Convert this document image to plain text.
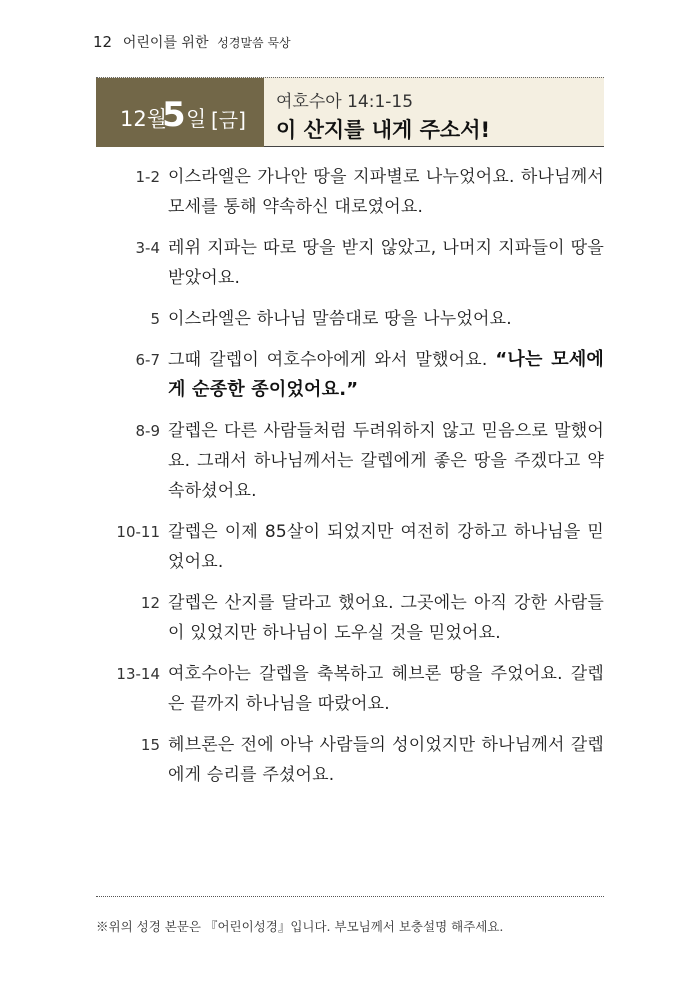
12 어린이를 위한 성경말씀 묵상
12월
5 일 [금]
여호수아 14:1-15
이 산지를 내게 주소서!
1-2 이스라엘은 가나안 땅을 지파별로 나누었어요. 하나님께서 모세를 통해 약속하신 대로였어요.
3-4 레위 지파는 따로 땅을 받지 않았고, 나머지 지파들이 땅을 받았어요.
5 이스라엘은 하나님 말씀대로 땅을 나누었어요.
6-7 그때 갈렙이 여호수아에게 와서 말했어요. “나는 모세에게 순종한 종이었어요.”
8-9 갈렙은 다른 사람들처럼 두려워하지 않고 믿음으로 말했어요. 그래서 하나님께서는 갈렙에게 좋은 땅을 주겠다고 약속하셨어요.
10-11 갈렙은 이제 85살이 되었지만 여전히 강하고 하나님을 믿었어요.
12 갈렙은 산지를 달라고 했어요. 그곳에는 아직 강한 사람들이 있었지만 하나님이 도우실 것을 믿었어요.
13-14 여호수아는 갈렙을 축복하고 헤브론 땅을 주었어요. 갈렙은 끝까지 하나님을 따랐어요.
15 헤브론은 전에 아낙 사람들의 성이었지만 하나님께서 갈렙에게 승리를 주셨어요.
※위의 성경 본문은 『어린이성경』입니다. 부모님께서 보충설명 해주세요.
